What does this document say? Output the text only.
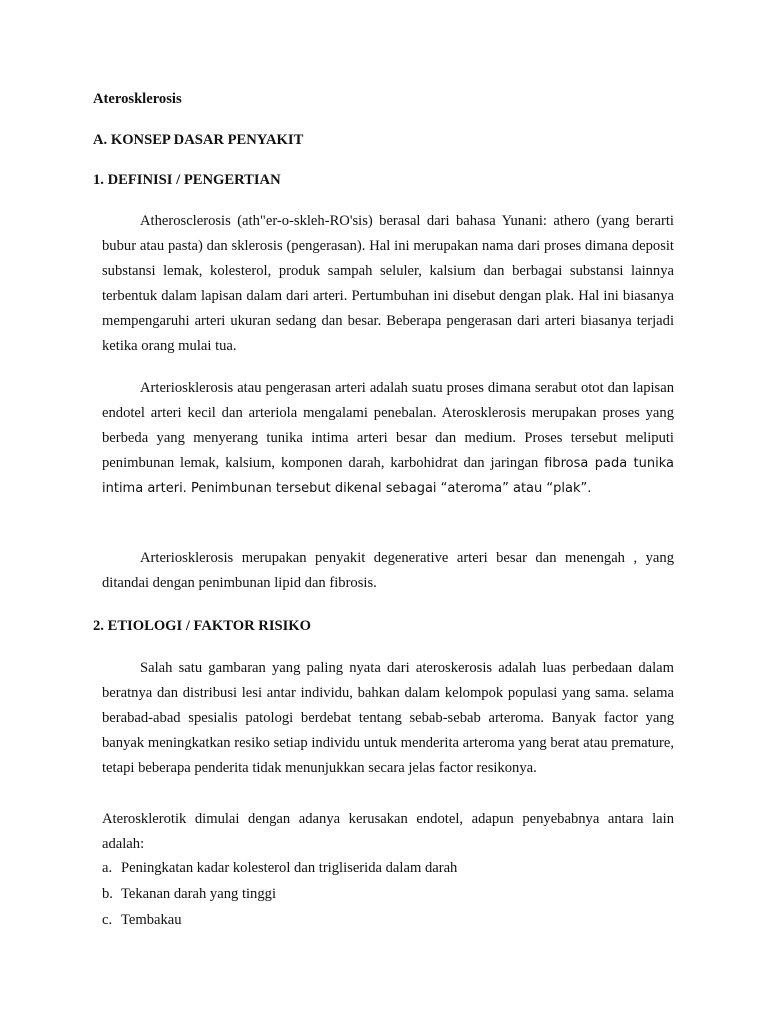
Aterosklerosis
A. KONSEP DASAR PENYAKIT
1. DEFINISI / PENGERTIAN

Atherosclerosis (ath"er-o-skleh-RO'sis) berasal dari bahasa Yunani: athero (yang berarti bubur atau pasta) dan sklerosis (pengerasan). Hal ini merupakan nama dari proses dimana deposit substansi lemak, kolesterol, produk sampah seluler, kalsium dan berbagai substansi lainnya terbentuk dalam lapisan dalam dari arteri. Pertumbuhan ini disebut dengan plak. Hal ini biasanya mempengaruhi arteri ukuran sedang dan besar. Beberapa pengerasan dari arteri biasanya terjadi ketika orang mulai tua.

Arteriosklerosis atau pengerasan arteri adalah suatu proses dimana serabut otot dan lapisan endotel arteri kecil dan arteriola mengalami penebalan. Aterosklerosis merupakan proses yang berbeda yang menyerang tunika intima arteri besar dan medium. Proses tersebut meliputi penimbunan lemak, kalsium, komponen darah, karbohidrat dan jaringan fibrosa pada tunika intima arteri. Penimbunan tersebut dikenal sebagai “ateroma” atau “plak”.

Arteriosklerosis merupakan penyakit degenerative arteri besar dan menengah , yang ditandai dengan penimbunan lipid dan fibrosis.

2. ETIOLOGI / FAKTOR RISIKO

Salah satu gambaran yang paling nyata dari ateroskerosis adalah luas perbedaan dalam beratnya dan distribusi lesi antar individu, bahkan dalam kelompok populasi yang sama. selama berabad-abad spesialis patologi berdebat tentang sebab-sebab arteroma. Banyak factor yang banyak meningkatkan resiko setiap individu untuk menderita arteroma yang berat atau premature, tetapi beberapa penderita tidak menunjukkan secara jelas factor resikonya.

Aterosklerotik dimulai dengan adanya kerusakan endotel, adapun penyebabnya antara lain adalah:

a. Peningkatan kadar kolesterol dan trigliserida dalam darah
b. Tekanan darah yang tinggi
c. Tembakau
